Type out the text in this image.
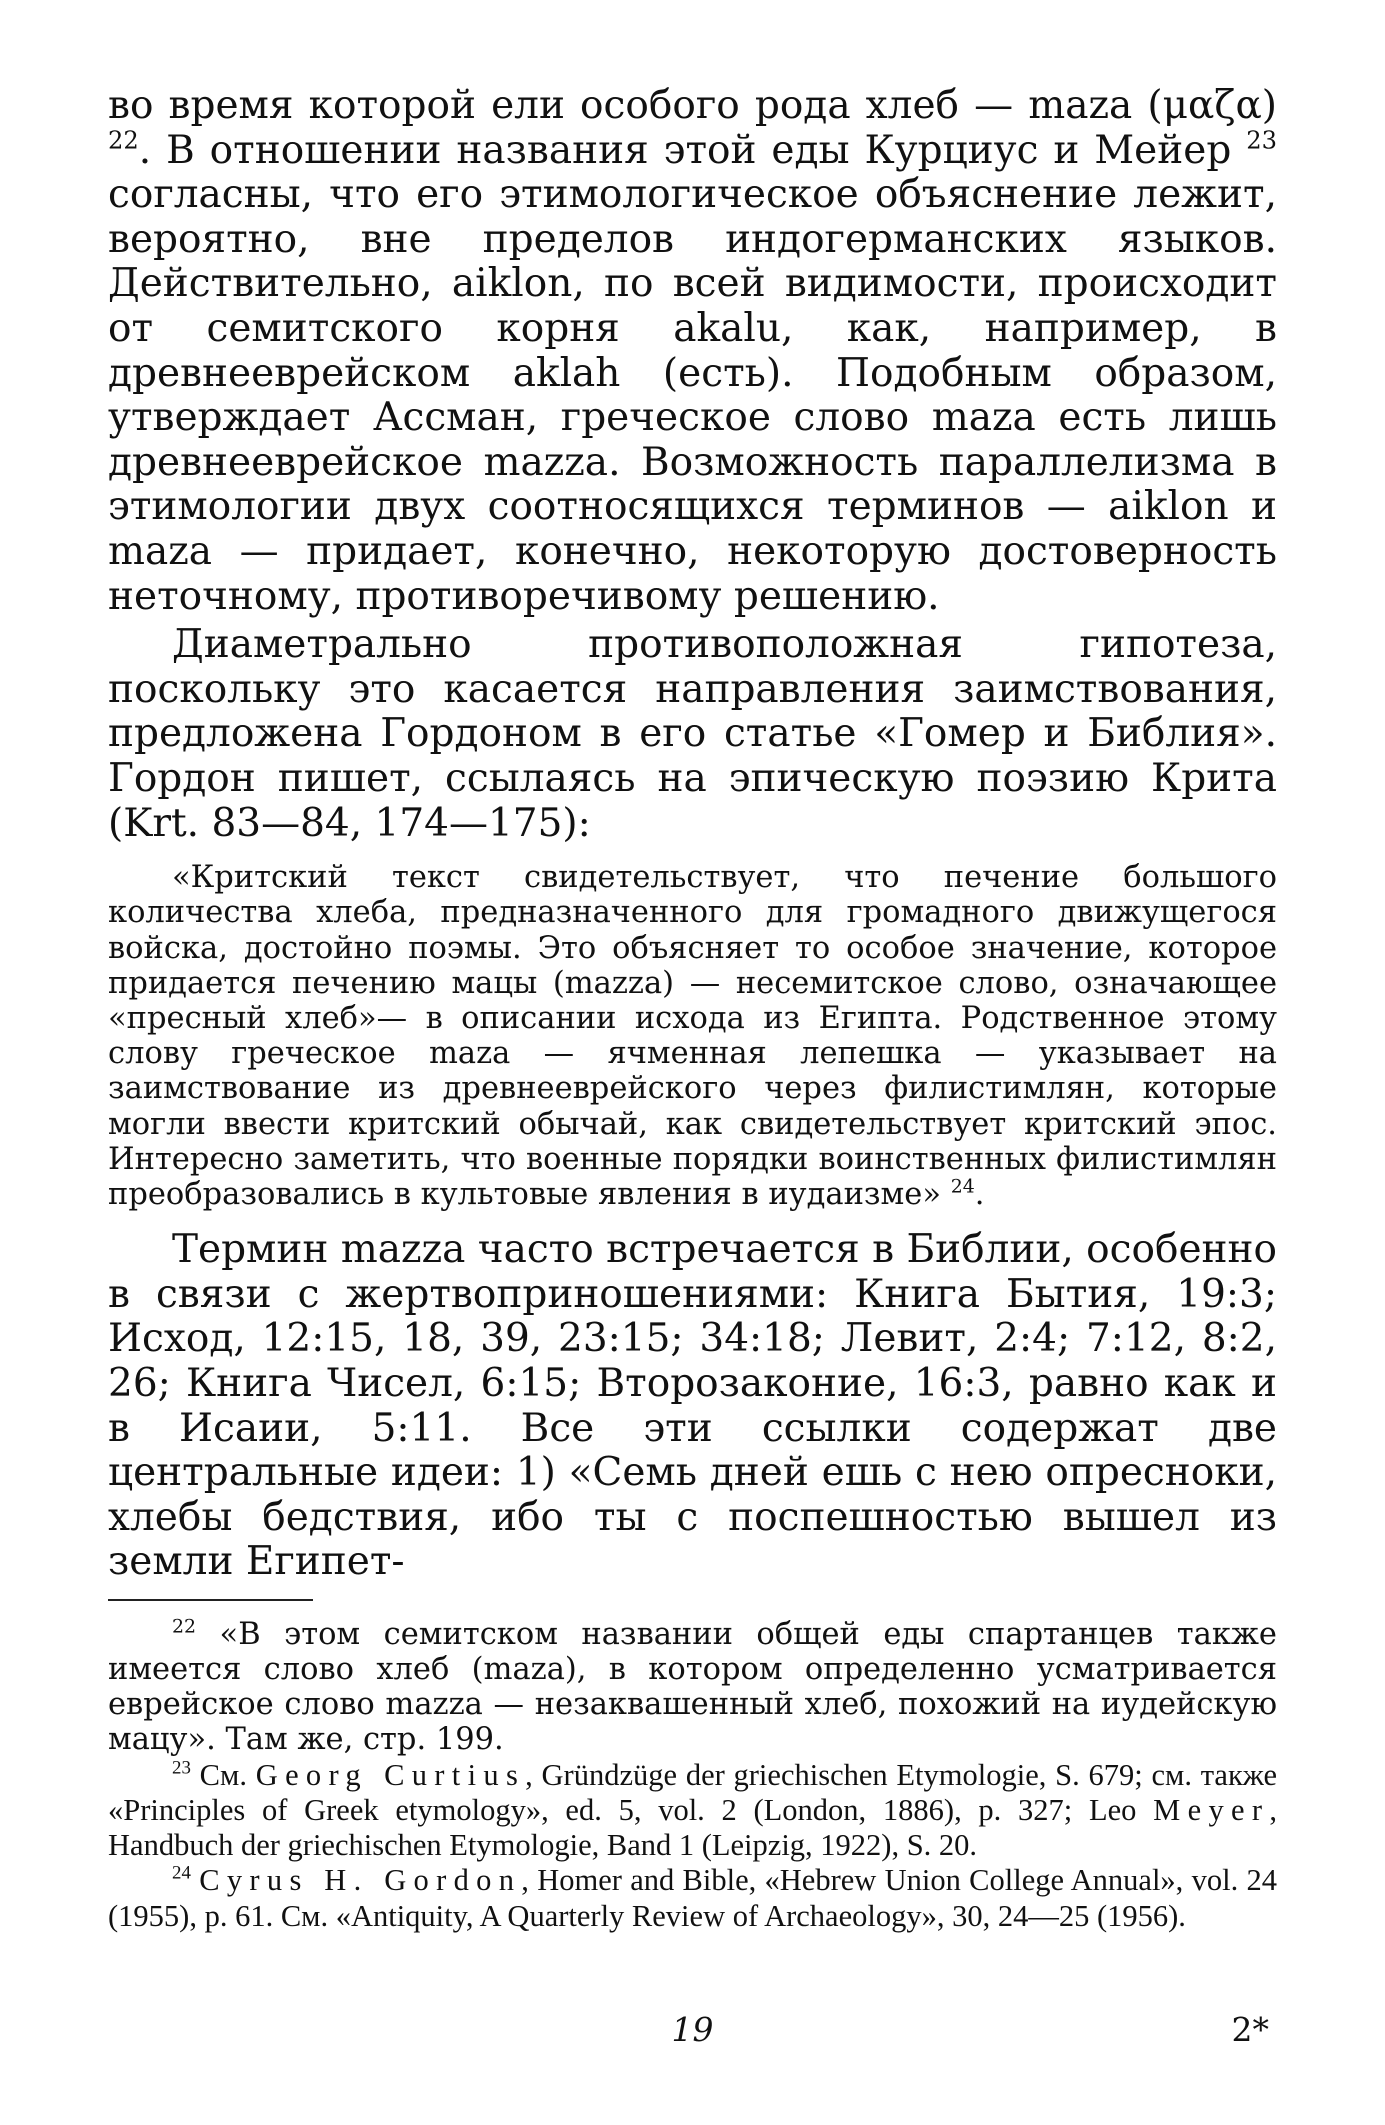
во время которой ели особого рода хлеб — maza (μαζα) $^{22}$. В отношении названия этой еды Курциус и Мейер $^{23}$ согласны, что его этимологическое объяснение лежит, вероятно, вне пределов индогерманских языков. Действительно, aiklon, по всей видимости, происходит от семитского корня akalu, как, например, в древнееврейском aklah (есть). Подобным образом, утверждает Ассман, греческое слово maza есть лишь древнееврейское mazza. Возможность параллелизма в этимологии двух соотносящихся терминов — aiklon и maza — придает, конечно, некоторую достоверность неточному, противоречивому решению.
Диаметрально противоположная гипотеза, поскольку это касается направления заимствования, предложена Гордоном в его статье «Гомер и Библия». Гордон пишет, ссылаясь на эпическую поэзию Крита (Krt. 83—84, 174—175):
«Критский текст свидетельствует, что печение большого количества хлеба, предназначенного для громадного движущегося войска, достойно поэмы. Это объясняет то особое значение, которое придается печению мацы (mazza) — несемитское слово, означающее «пресный хлеб»— в описании исхода из Египта. Родственное этому слову греческое maza — ячменная лепешка — указывает на заимствование из древнееврейского через филистимлян, которые могли ввести критский обычай, как свидетельствует критский эпос. Интересно заметить, что военные порядки воинственных филистимлян преобразовались в культовые явления в иудаизме» $^{24}$.
Термин mazza часто встречается в Библии, особенно в связи с жертвоприношениями: Книга Бытия, 19:3; Исход, 12:15, 18, 39, 23:15; 34:18; Левит, 2:4; 7:12, 8:2, 26; Книга Чисел, 6:15; Второзаконие, 16:3, равно как и в Исаии, 5:11. Все эти ссылки содержат две центральные идеи: 1) «Семь дней ешь с нею опресноки, хлебы бедствия, ибо ты с поспешностью вышел из земли Египет-
$^{22}$ «В этом семитском названии общей еды спартанцев также имеется слово хлеб (maza), в котором определенно усматривается еврейское слово mazza — незаквашенный хлеб, похожий на иудейскую мацу». Там же, стр. 199.
$^{23}$ См. Georg Curtius, Gründzüge der griechischen Etymologie, S. 679; см. также «Principles of Greek etymology», ed. 5, vol. 2 (London, 1886), p. 327; Leo Meyer, Handbuch der griechischen Etymologie, Band 1 (Leipzig, 1922), S. 20.
$^{24}$ Cyrus H. Gordon, Homer and Bible, «Hebrew Union College Annual», vol. 24 (1955), p. 61. См. «Antiquity, A Quarterly Review of Archaeology», 30, 24—25 (1956).
19	2*
